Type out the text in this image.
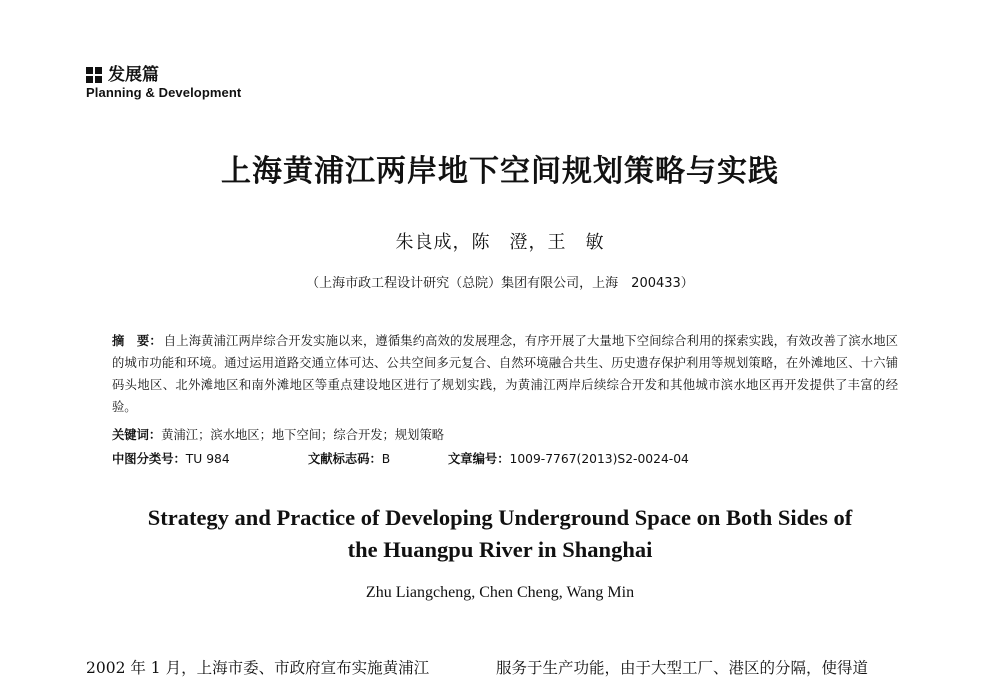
发展篇
Planning & Development
上海黄浦江两岸地下空间规划策略与实践
朱良成，陈　澄，王　敏
（上海市政工程设计研究（总院）集团有限公司，上海　200433）
摘　要： 自上海黄浦江两岸综合开发实施以来，遵循集约高效的发展理念，有序开展了大量地下空间综合利用的探索实践，有效改善了滨水地区的城市功能和环境。通过运用道路交通立体可达、公共空间多元复合、自然环境融合共生、历史遗存保护利用等规划策略，在外滩地区、十六铺码头地区、北外滩地区和南外滩地区等重点建设地区进行了规划实践，为黄浦江两岸后续综合开发和其他城市滨水地区再开发提供了丰富的经验。
关键词：黄浦江；滨水地区；地下空间；综合开发；规划策略
中图分类号：TU 984	文献标志码：B	文章编号：1009-7767(2013)S2-0024-04
Strategy and Practice of Developing Underground Space on Both Sides of
the Huangpu River in Shanghai
Zhu Liangcheng, Chen Cheng, Wang Min
2002 年 1 月，上海市委、市政府宣布实施黄浦江	服务于生产功能，由于大型工厂、港区的分隔，使得道
